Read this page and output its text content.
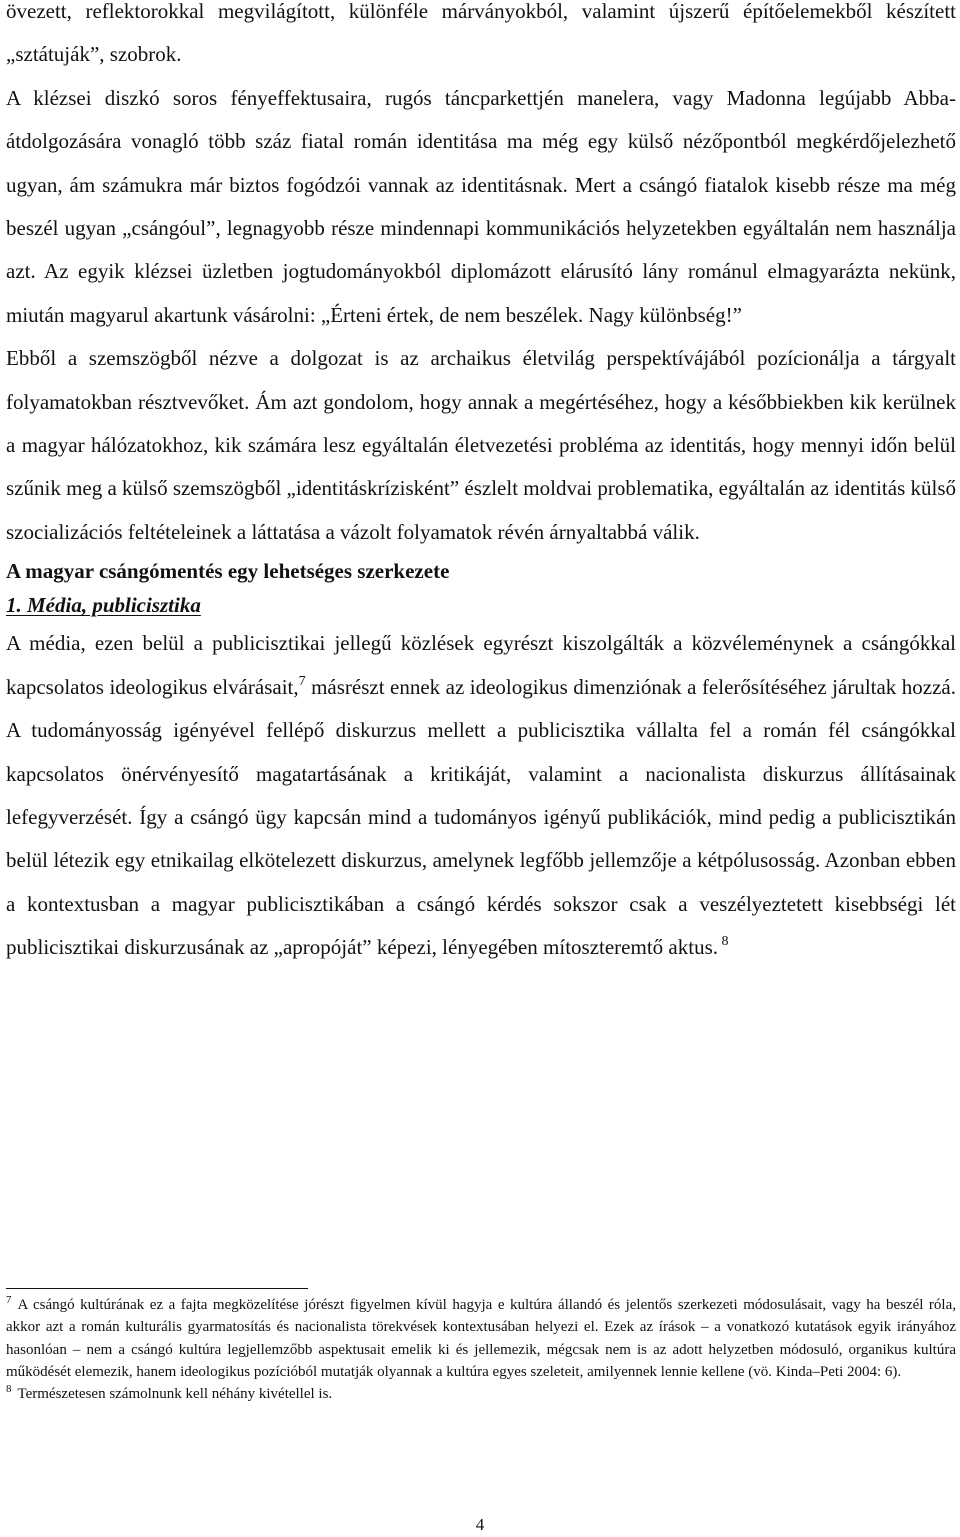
övezett, reflektorokkal megvilágított, különféle márványokból, valamint újszerű építőelemekből készített „sztátuják”, szobrok.

A klézsei diszkó soros fényeffektusaira, rugós táncparkettjén manelera, vagy Madonna legújabb Abba-átdolgozására vonagló több száz fiatal román identitása ma még egy külső nézőpontból megkérdőjelezhető ugyan, ám számukra már biztos fogódzói vannak az identitásnak. Mert a csángó fiatalok kisebb része ma még beszél ugyan „csángóul”, legnagyobb része mindennapi kommunikációs helyzetekben egyáltalán nem használja azt. Az egyik klézsei üzletben jogtudományokból diplomázott elárusító lány románul elmagyarázta nekünk, miután magyarul akartunk vásárolni: „Érteni értek, de nem beszélek. Nagy különbség!”

Ebből a szemszögből nézve a dolgozat is az archaikus életvilág perspektívájából pozícionálja a tárgyalt folyamatokban résztvevőket. Ám azt gondolom, hogy annak a megértéséhez, hogy a későbbiekben kik kerülnek a magyar hálózatokhoz, kik számára lesz egyáltalán életvezetési probléma az identitás, hogy mennyi időn belül szűnik meg a külső szemszögből „identitáskrízisként” észlelt moldvai problematika, egyáltalán az identitás külső szocializációs feltételeinek a láttatása a vázolt folyamatok révén árnyaltabbá válik.

A magyar csángómentés egy lehetséges szerkezete
1. Média, publicisztika

A média, ezen belül a publicisztikai jellegű közlések egyrészt kiszolgálták a közvéleménynek a csángókkal kapcsolatos ideologikus elvárásait,$^7$ másrészt ennek az ideologikus dimenziónak a felerősítéséhez járultak hozzá. A tudományosság igényével fellépő diskurzus mellett a publicisztika vállalta fel a román fél csángókkal kapcsolatos önérvényesítő magatartásának a kritikáját, valamint a nacionalista diskurzus állításainak lefegyverzését. Így a csángó ügy kapcsán mind a tudományos igényű publikációk, mind pedig a publicisztikán belül létezik egy etnikailag elkötelezett diskurzus, amelynek legfőbb jellemzője a kétpólusosság. Azonban ebben a kontextusban a magyar publicisztikában a csángó kérdés sokszor csak a veszélyeztetett kisebbségi lét publicisztikai diskurzusának az „apropóját” képezi, lényegében mítoszteremtő aktus. $^8$

$^7$ A csángó kultúrának ez a fajta megközelítése jórészt figyelmen kívül hagyja e kultúra állandó és jelentős szerkezeti módosulásait, vagy ha beszél róla, akkor azt a román kulturális gyarmatosítás és nacionalista törekvések kontextusában helyezi el. Ezek az írások – a vonatkozó kutatások egyik irányához hasonlóan – nem a csángó kultúra legjellemzőbb aspektusait emelik ki és jellemezik, mégcsak nem is az adott helyzetben módosuló, organikus kultúra működését elemezik, hanem ideologikus pozícióból mutatják olyannak a kultúra egyes szeleteit, amilyennek lennie kellene (vö. Kinda–Peti 2004: 6).

$^8$ Természetesen számolnunk kell néhány kivétellel is.

4
